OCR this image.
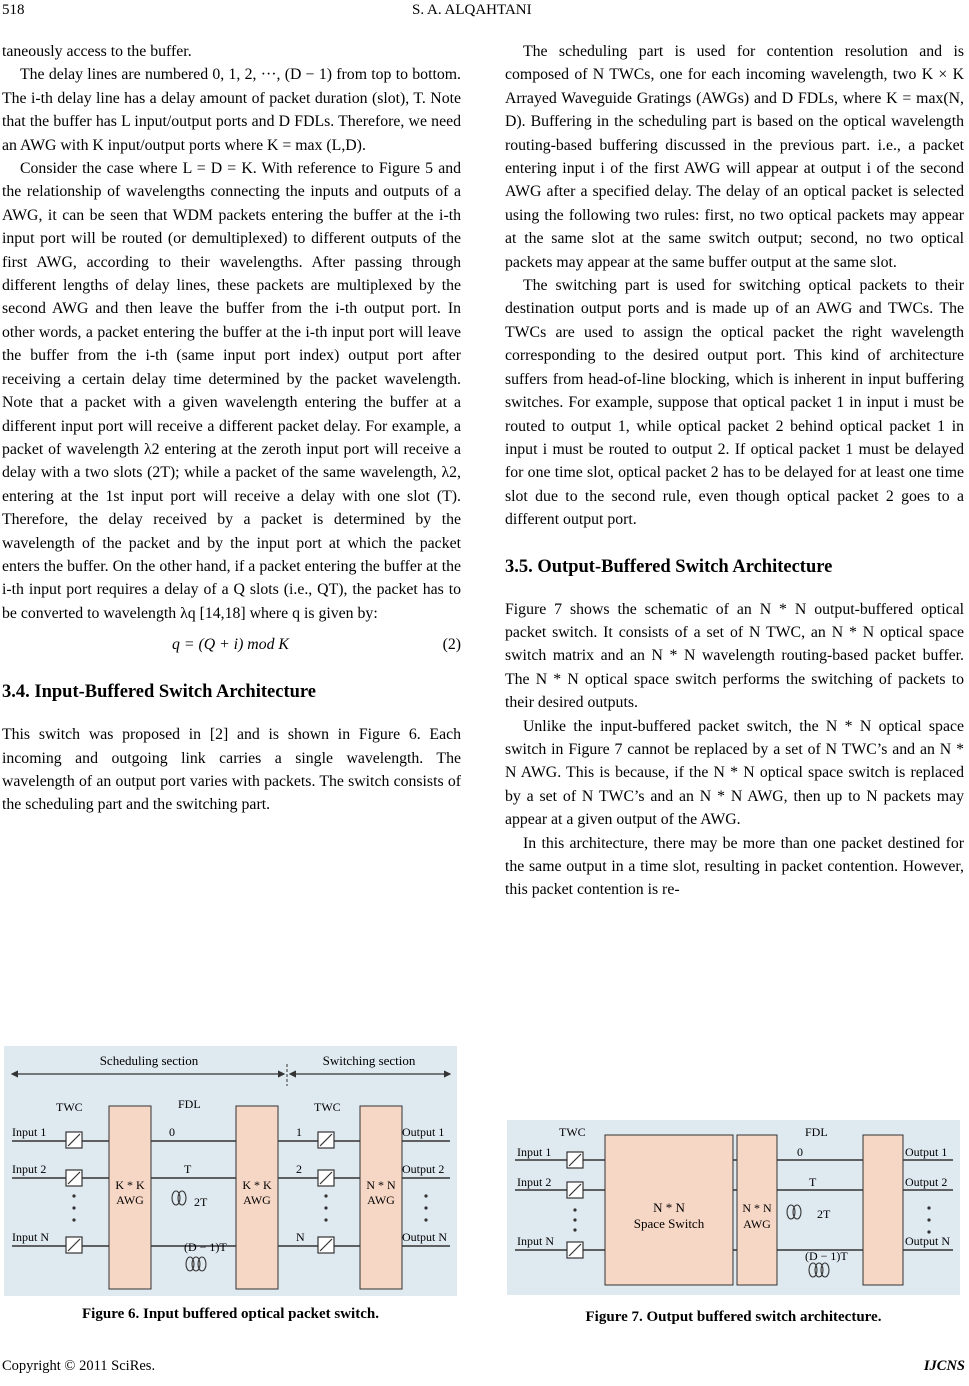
518	S. A. ALQAHTANI

taneously access to the buffer.

The delay lines are numbered 0, 1, 2, ···, (D − 1) from top to bottom. The i-th delay line has a delay amount of packet duration (slot), T. Note that the buffer has L input/output ports and D FDLs. Therefore, we need an AWG with K input/output ports where K = max (L,D).

Consider the case where L = D = K. With reference to Figure 5 and the relationship of wavelengths connecting the inputs and outputs of a AWG, it can be seen that WDM packets entering the buffer at the i-th input port will be routed (or demultiplexed) to different outputs of the first AWG, according to their wavelengths. After passing through different lengths of delay lines, these packets are multiplexed by the second AWG and then leave the buffer from the i-th output port. In other words, a packet entering the buffer at the i-th input port will leave the buffer from the i-th (same input port index) output port after receiving a certain delay time determined by the packet wavelength. Note that a packet with a given wavelength entering the buffer at a different input port will receive a different packet delay. For example, a packet of wavelength λ2 entering at the zeroth input port will receive a delay with a two slots (2T); while a packet of the same wavelength, λ2, entering at the 1st input port will receive a delay with one slot (T). Therefore, the delay received by a packet is determined by the wavelength of the packet and by the input port at which the packet enters the buffer. On the other hand, if a packet entering the buffer at the i-th input port requires a delay of a Q slots (i.e., QT), the packet has to be converted to wavelength λq [14,18] where q is given by:

q = (Q + i) mod K	(2)
3.4. Input-Buffered Switch Architecture

This switch was proposed in [2] and is shown in Figure 6. Each incoming and outgoing link carries a single wavelength. The wavelength of an output port varies with packets. The switch consists of the scheduling part and the switching part.

The scheduling part is used for contention resolution and is composed of N TWCs, one for each incoming wavelength, two K × K Arrayed Waveguide Gratings (AWGs) and D FDLs, where K = max(N, D). Buffering in the scheduling part is based on the optical wavelength routing-based buffering discussed in the previous part. i.e., a packet entering input i of the first AWG will appear at output i of the second AWG after a specified delay. The delay of an optical packet is selected using the following two rules: first, no two optical packets may appear at the same slot at the same switch output; second, no two optical packets may appear at the same buffer output at the same slot.

The switching part is used for switching optical packets to their destination output ports and is made up of an AWG and TWCs. The TWCs are used to assign the optical packet the right wavelength corresponding to the desired output port. This kind of architecture suffers from head-of-line blocking, which is inherent in input buffering switches. For example, suppose that optical packet 1 in input i must be routed to output 1, while optical packet 2 behind optical packet 1 in input i must be routed to output 2. If optical packet 1 must be delayed for one time slot, optical packet 2 has to be delayed for at least one time slot due to the second rule, even though optical packet 2 goes to a different output port.

3.5. Output-Buffered Switch Architecture

Figure 7 shows the schematic of an N * N output-buffered optical packet switch. It consists of a set of N TWC, an N * N optical space switch matrix and an N * N wavelength routing-based packet buffer. The N * N optical space switch performs the switching of packets to their desired outputs.

Unlike the input-buffered packet switch, the N * N optical space switch in Figure 7 cannot be replaced by a set of N TWC’s and an N * N AWG. This is because, if the N * N optical space switch is replaced by a set of N TWC’s and an N * N AWG, then up to N packets may appear at a given output of the AWG.

In this architecture, there may be more than one packet destined for the same output in a time slot, resulting in packet contention. However, this packet contention is re-

Scheduling section	Switching section
Input 1
Input 2
Input N
TWC	FDL	TWC
K * K
AWG
K * K
AWG
N * N
AWG
0
T
2T
(D − 1)T
1
2
N
Output 1
Output 2
Output N
Figure 6. Input buffered optical packet switch.
TWC	FDL
Input 1
Input 2
Input N
N * N
Space Switch
N * N
AWG
0
T
2T
(D − 1)T
Output 1
Output 2
Output N
Figure 7. Output buffered switch architecture.
Copyright © 2011 SciRes.	IJCNS
